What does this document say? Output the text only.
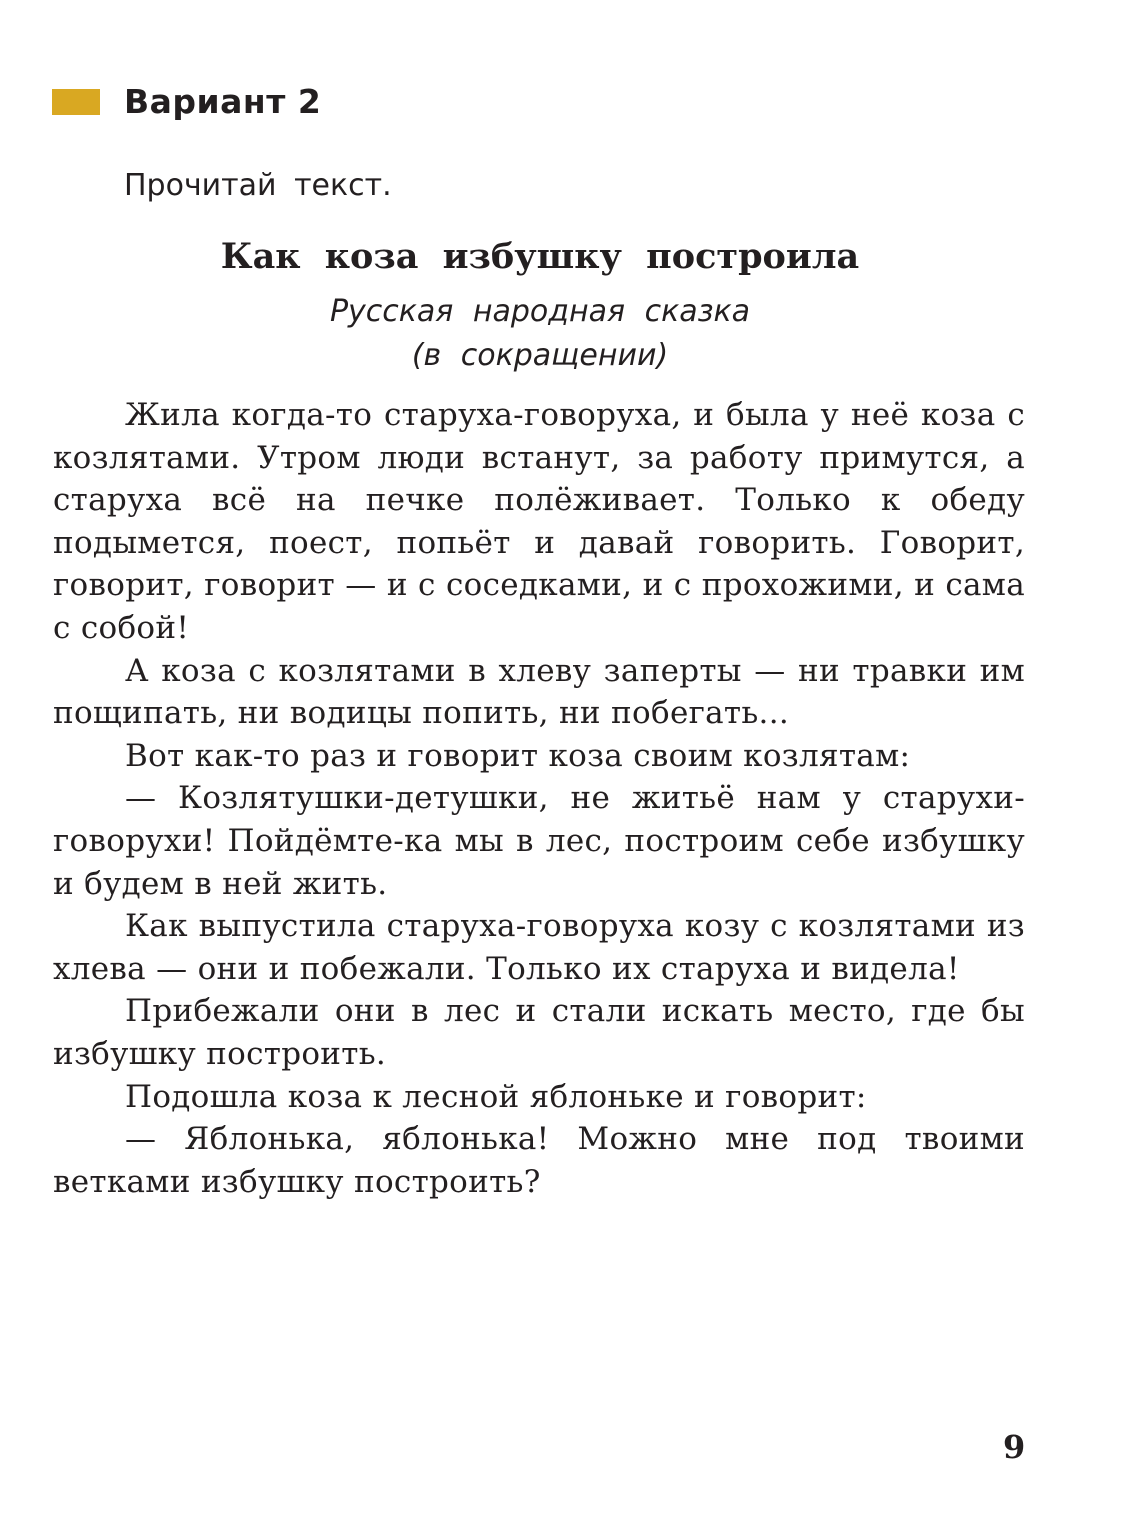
Вариант 2
Прочитай текст.
Как коза избушку построила
Русская народная сказка
(в сокращении)

Жила когда-то старуха-говоруха, и была у неё коза с козлятами. Утром люди встанут, за работу примутся, а старуха всё на печке полёживает. Только к обеду подымется, поест, попьёт и давай говорить. Говорит, говорит, говорит — и с соседками, и с прохожими, и сама с собой!

А коза с козлятами в хлеву заперты — ни травки им пощипать, ни водицы попить, ни побегать...

Вот как-то раз и говорит коза своим козлятам:

— Козлятушки-детушки, не житьё нам у старухи-говорухи! Пойдёмте-ка мы в лес, построим себе избушку и будем в ней жить.

Как выпустила старуха-говоруха козу с козлятами из хлева — они и побежали. Только их старуха и видела!

Прибежали они в лес и стали искать место, где бы избушку построить.

Подошла коза к лесной яблоньке и говорит:

— Яблонька, яблонька! Можно мне под твоими ветками избушку построить?

9
